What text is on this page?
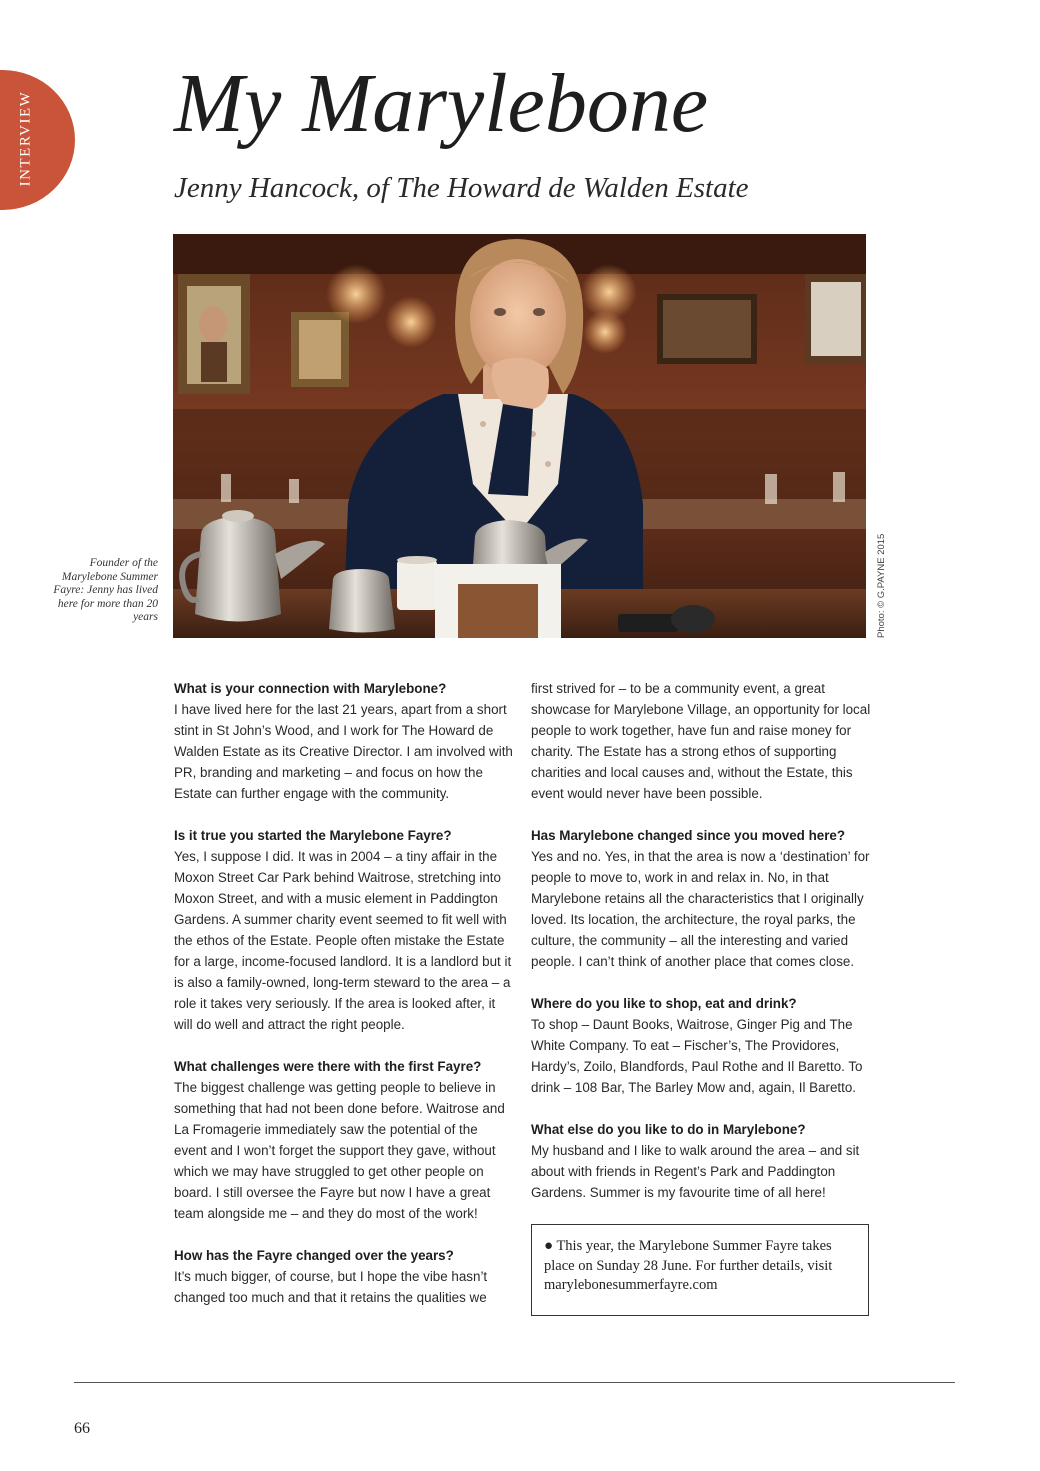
INTERVIEW My Marylebone
Jenny Hancock, of The Howard de Walden Estate
Founder of the Marylebone Summer Fayre: Jenny has lived here for more than 20 years	Photo: © G.PAYNE 2015

What is your connection with Marylebone?

I have lived here for the last 21 years, apart from a short stint in St John’s Wood, and I work for The Howard de Walden Estate as its Creative Director. I am involved with PR, branding and marketing – and focus on how the Estate can further engage with the community.

Is it true you started the Marylebone Fayre?

Yes, I suppose I did. It was in 2004 – a tiny affair in the Moxon Street Car Park behind Waitrose, stretching into Moxon Street, and with a music element in Paddington Gardens. A summer charity event seemed to fit well with the ethos of the Estate. People often mistake the Estate for a large, income-focused landlord. It is a landlord but it is also a family-owned, long-term steward to the area – a role it takes very seriously. If the area is looked after, it will do well and attract the right people.

What challenges were there with the first Fayre?

The biggest challenge was getting people to believe in something that had not been done before. Waitrose and La Fromagerie immediately saw the potential of the event and I won’t forget the support they gave, without which we may have struggled to get other people on board. I still oversee the Fayre but now I have a great team alongside me – and they do most of the work!

How has the Fayre changed over the years?

It’s much bigger, of course, but I hope the vibe hasn’t changed too much and that it retains the qualities we

first strived for – to be a community event, a great showcase for Marylebone Village, an opportunity for local people to work together, have fun and raise money for charity. The Estate has a strong ethos of supporting charities and local causes and, without the Estate, this event would never have been possible.

Has Marylebone changed since you moved here?

Yes and no. Yes, in that the area is now a ‘destination’ for people to move to, work in and relax in. No, in that Marylebone retains all the characteristics that I originally loved. Its location, the architecture, the royal parks, the culture, the community – all the interesting and varied people. I can’t think of another place that comes close.

Where do you like to shop, eat and drink?

To shop – Daunt Books, Waitrose, Ginger Pig and The White Company. To eat – Fischer’s, The Providores, Hardy’s, Zoilo, Blandfords, Paul Rothe and Il Baretto. To drink – 108 Bar, The Barley Mow and, again, Il Baretto.

What else do you like to do in Marylebone?

My husband and I like to walk around the area – and sit about with friends in Regent’s Park and Paddington Gardens. Summer is my favourite time of all here!

● This year, the Marylebone Summer Fayre takes place on Sunday 28 June. For further details, visit marylebonesummerfayre.com
66
